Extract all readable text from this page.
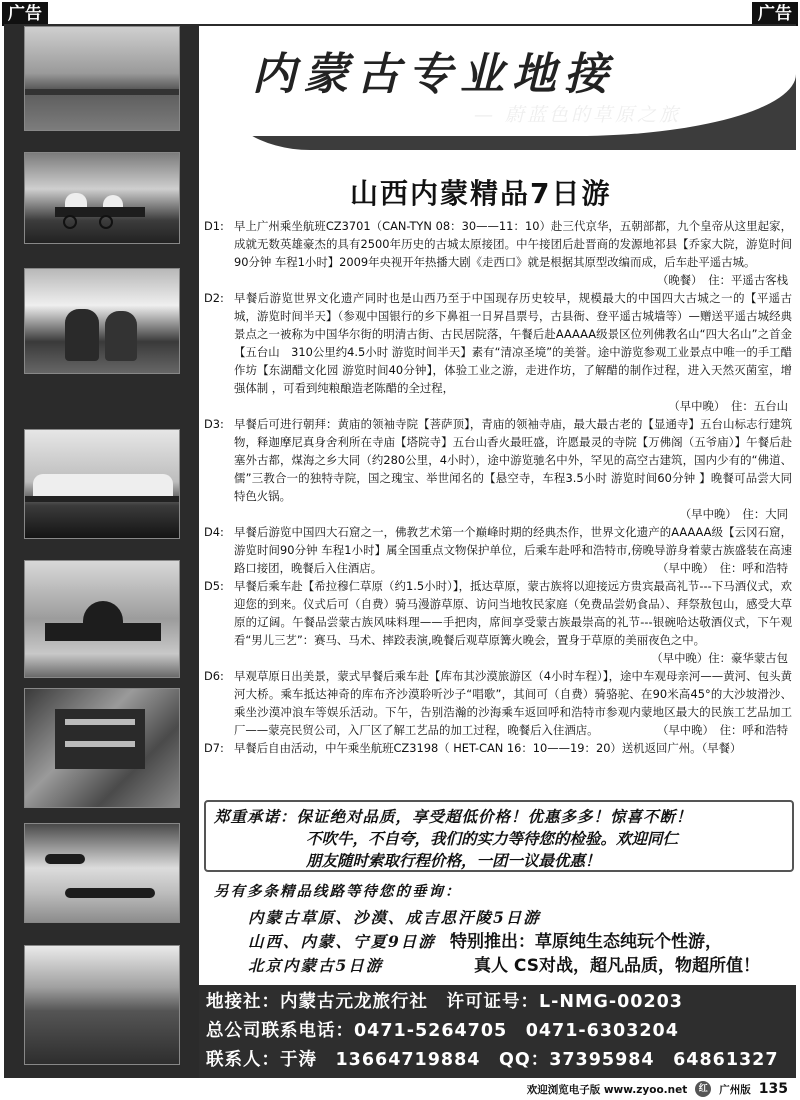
广告	广告
内蒙古专业地接
— 蔚蓝色的草原之旅
山西内蒙精品7日游
D1: 早上广州乘坐航班CZ3701（CAN-TYN 08：30——11：10）赴三代京华，五朝部都，九个皇帝从这里起家，成就无数英雄豪杰的具有2500年历史的古城太原接团。中午接团后赴晋商的发源地祁县【乔家大院，游览时间 90分钟 车程1小时】2009年央视开年热播大剧《走西口》就是根据其原型改编而成，后车赴平遥古城。
（晚餐）　住：平遥古客栈
D2: 早餐后游览世界文化遗产同时也是山西乃至于中国现存历史较早，规模最大的中国四大古城之一的【平遥古城，游览时间半天】（参观中国银行的乡下鼻祖一日昇昌票号，古县衙、登平遥古城墙等）—赠送平遥古城经典景点之一被称为中国华尔街的明清古街、古民居院落，午餐后赴AAAAA级景区位列佛教名山“四大名山”之首金【五台山　310公里约4.5小时 游览时间半天】素有“清凉圣境”的美誉。途中游览参观工业景点中唯一的手工醋作坊【东湖醋文化园 游览时间40分钟】，体验工业之游，走进作坊，了解醋的制作过程，进入天然灭菌室，增强体制 ，可看到纯粮酿造老陈醋的全过程，
（早中晚）　住：五台山
D3: 早餐后可进行朝拜：黄庙的领袖寺院【菩萨顶】，青庙的领袖寺庙，最大最古老的【显通寺】五台山标志行建筑物，释迦摩尼真身舍利所在寺庙【塔院寺】五台山香火最旺盛，许愿最灵的寺院【万佛阁（五爷庙）】午餐后赴塞外古都，煤海之乡大同（约280公里，4小时），途中游览驰名中外，罕见的高空古建筑，国内少有的“佛道、儒”三教合一的独特寺院，国之瑰宝、举世闻名的【悬空寺，车程3.5小时 游览时间60分钟 】晚餐可品尝大同特色火锅。
（早中晚）　住：大同
D4: 早餐后游览中国四大石窟之一，佛教艺术第一个巅峰时期的经典杰作，世界文化遗产的AAAAA级【云冈石窟，游览时间90分钟 车程1小时】属全国重点文物保护单位，后乘车赴呼和浩特市,傍晚导游身着蒙古族盛装在高速路口接团，晚餐后入住酒店。	（早中晚）　住：呼和浩特
D5: 早餐后乘车赴【希拉穆仁草原（约1.5小时）】，抵达草原，蒙古族将以迎接远方贵宾最高礼节---下马酒仪式，欢迎您的到来。仪式后可（自费）骑马漫游草原、访问当地牧民家庭（免费品尝奶食品）、拜祭敖包山，感受大草原的辽阔。午餐品尝蒙古族风味料理——手把肉，席间享受蒙古族最崇高的礼节---银碗哈达敬酒仪式，下午观看“男儿三艺”：赛马、马术、摔跤表演,晚餐后观草原篝火晚会，置身于草原的美丽夜色之中。
（早中晚）住：豪华蒙古包
D6: 早观草原日出美景，蒙式早餐后乘车赴【库布其沙漠旅游区（4小时车程）】，途中车观母亲河——黄河、包头黄河大桥。乘车抵达神奇的库布齐沙漠聆听沙子“唱歌”，其间可（自费）骑骆驼、在90米高45°的大沙坡滑沙、乘坐沙漠冲浪车等娱乐活动。下午，告别浩瀚的沙海乘车返回呼和浩特市参观内蒙地区最大的民族工艺品加工厂——蒙亮民贸公司，入厂区了解工艺品的加工过程，晚餐后入住酒店。	（早中晚）　住：呼和浩特
D7: 早餐后自由活动，中午乘坐航班CZ3198（ HET-CAN 16：10——19：20）送机返回广州。（早餐）
郑重承诺：保证绝对品质，享受超低价格！优惠多多！惊喜不断！
不吹牛，不自夸，我们的实力等待您的检验。欢迎同仁
朋友随时索取行程价格，一团一议最优惠！
另有多条精品线路等待您的垂询：
内蒙古草原、沙漠、成吉思汗陵5日游
山西、内蒙、宁夏9日游
北京内蒙古5日游
特别推出：草原纯生态纯玩个性游，
真人 CS对战，超凡品质，物超所值！
地接社：内蒙古元龙旅行社　许可证号：L-NMG-00203
总公司联系电话：0471-5264705　0471-6303204
联系人：于涛　13664719884　QQ：37395984　64861327
欢迎浏览电子版 www.zyoo.net	红	广州版 135
